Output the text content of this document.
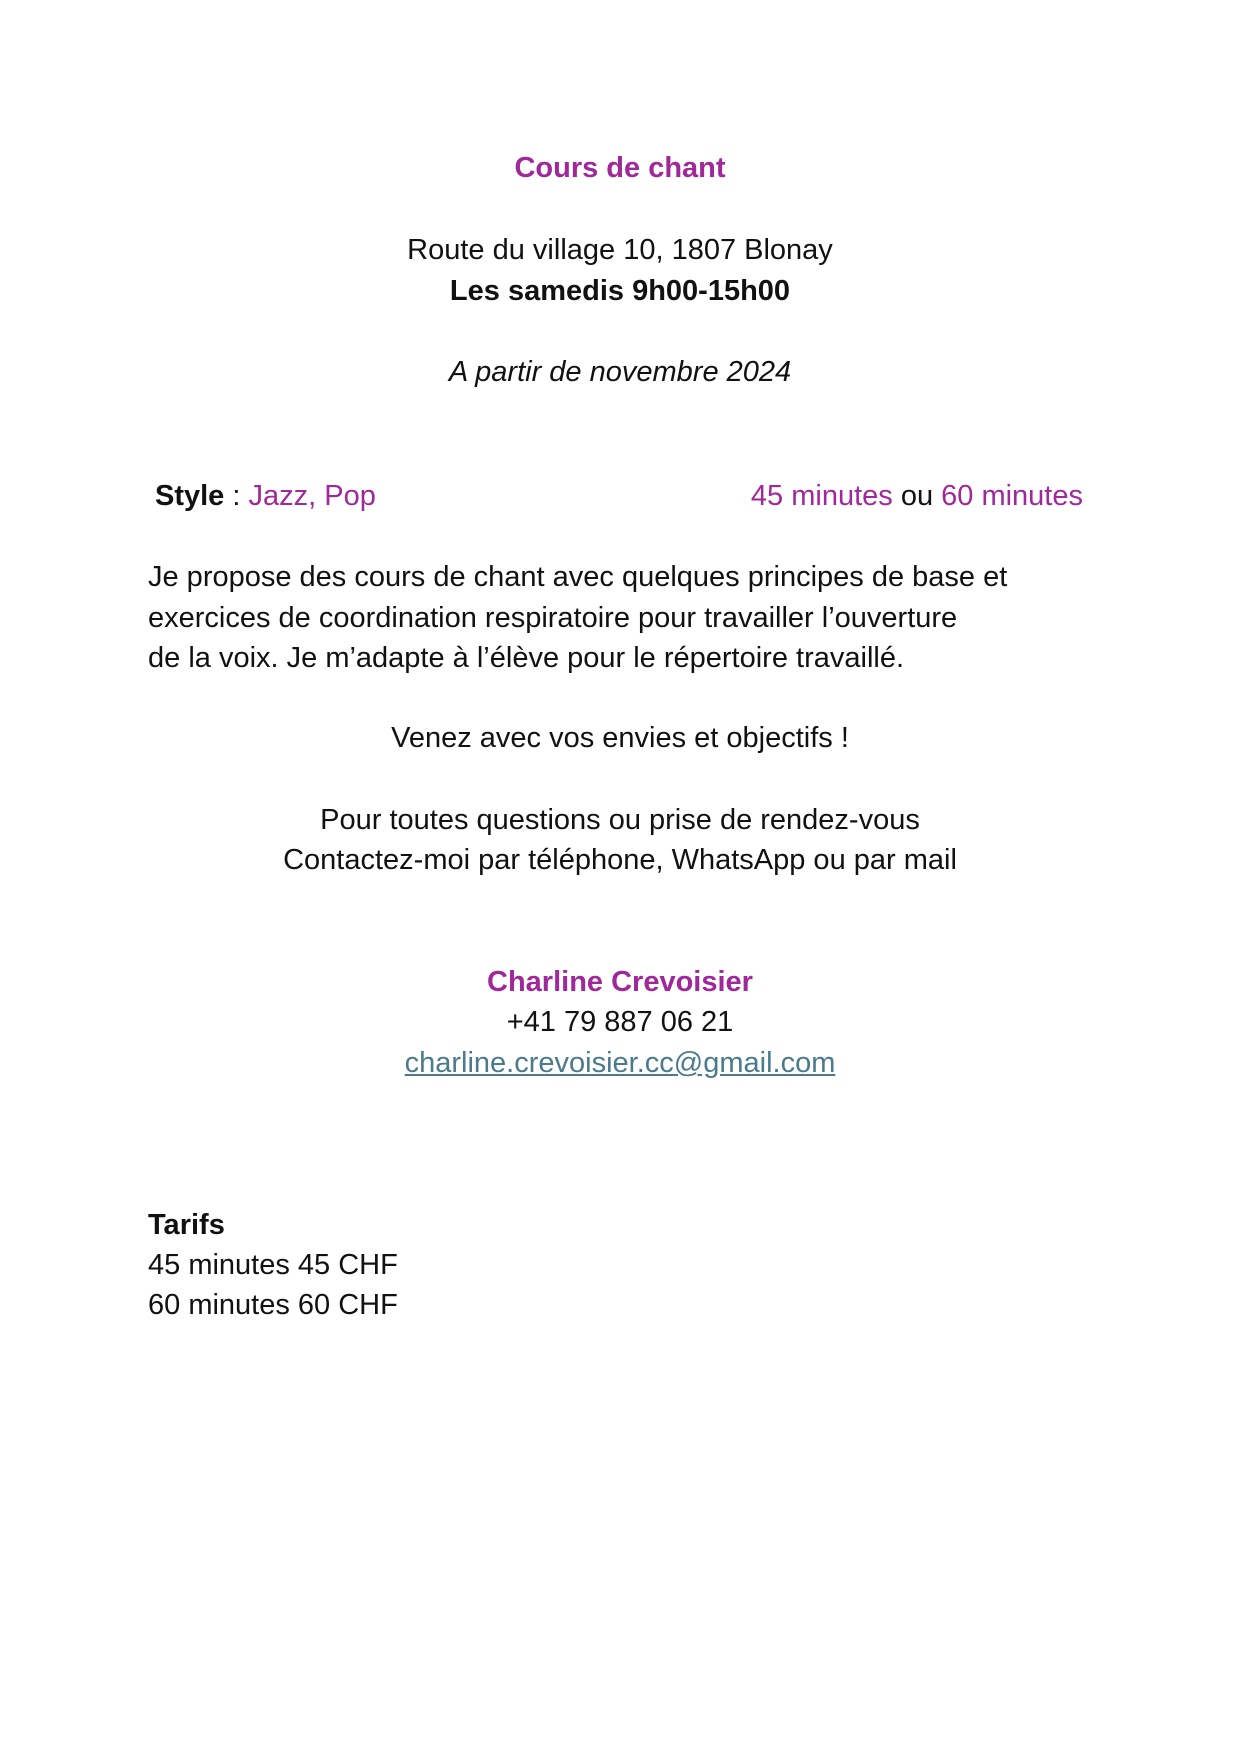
Cours de chant
Route du village 10, 1807 Blonay
Les samedis 9h00-15h00
A partir de novembre 2024
Style : Jazz, Pop	45 minutes ou 60 minutes
Je propose des cours de chant avec quelques principes de base et
exercices de coordination respiratoire pour travailler l’ouverture
de la voix. Je m’adapte à l’élève pour le répertoire travaillé.
Venez avec vos envies et objectifs !
Pour toutes questions ou prise de rendez-vous
Contactez-moi par téléphone, WhatsApp ou par mail
Charline Crevoisier
+41 79 887 06 21
charline.crevoisier.cc@gmail.com
Tarifs
45 minutes 45 CHF
60 minutes 60 CHF
